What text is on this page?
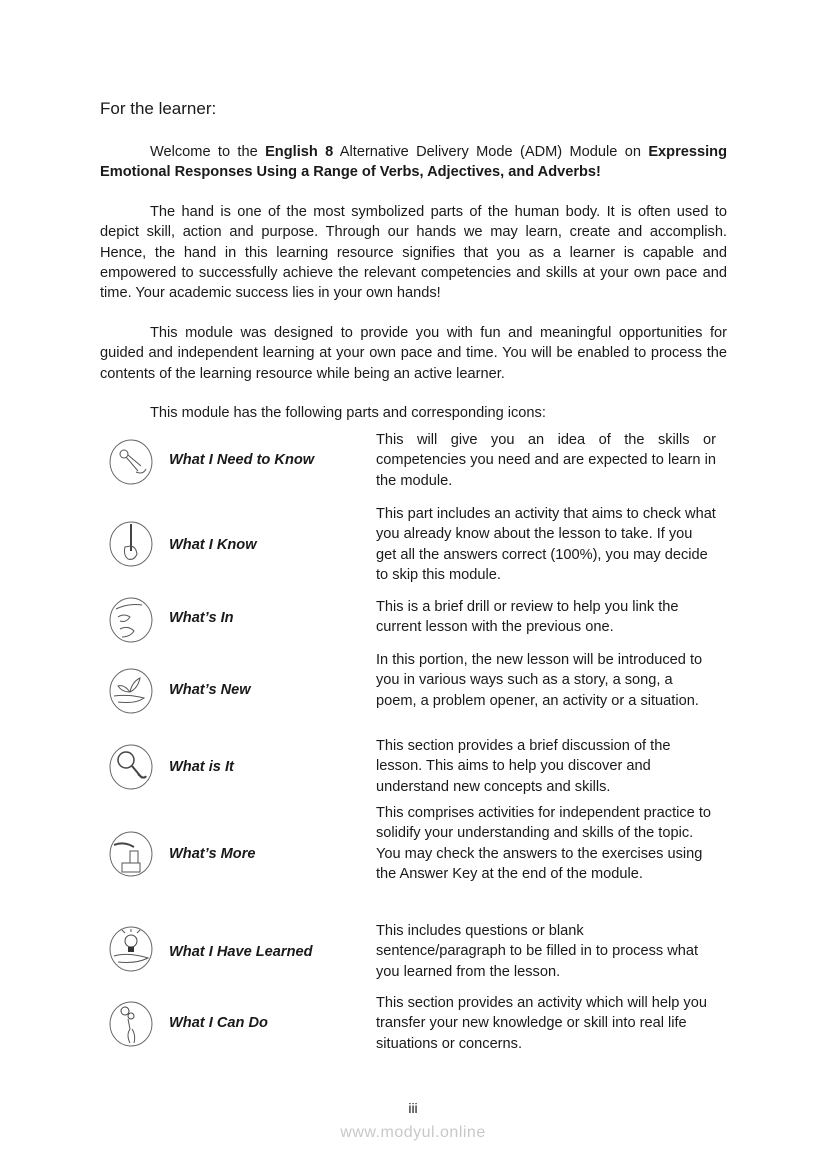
For the learner:
Welcome to the English 8 Alternative Delivery Mode (ADM) Module on Expressing Emotional Responses Using a Range of Verbs, Adjectives, and Adverbs!
The hand is one of the most symbolized parts of the human body. It is often used to depict skill, action and purpose. Through our hands we may learn, create and accomplish. Hence, the hand in this learning resource signifies that you as a learner is capable and empowered to successfully achieve the relevant competencies and skills at your own pace and time. Your academic success lies in your own hands!
This module was designed to provide you with fun and meaningful opportunities for guided and independent learning at your own pace and time. You will be enabled to process the contents of the learning resource while being an active learner.
This module has the following parts and corresponding icons:
What I Need to Know
This will give you an idea of the skills or competencies you need and are expected to learn in the module.
What I Know
This part includes an activity that aims to check what you already know about the lesson to take. If you get all the answers correct (100%), you may decide to skip this module.
What’s In
This is a brief drill or review to help you link the current lesson with the previous one.
What’s New
In this portion, the new lesson will be introduced to you in various ways such as a story, a song, a poem, a problem opener, an activity or a situation.
What is It
This section provides a brief discussion of the lesson. This aims to help you discover and understand new concepts and skills.
What’s More
This comprises activities for independent practice to solidify your understanding and skills of the topic. You may check the answers to the exercises using the Answer Key at the end of the module.
What I Have Learned
This includes questions or blank sentence/paragraph to be filled in to process what you learned from the lesson.
What I Can Do
This section provides an activity which will help you transfer your new knowledge or skill into real life situations or concerns.
iii
www.modyul.online
